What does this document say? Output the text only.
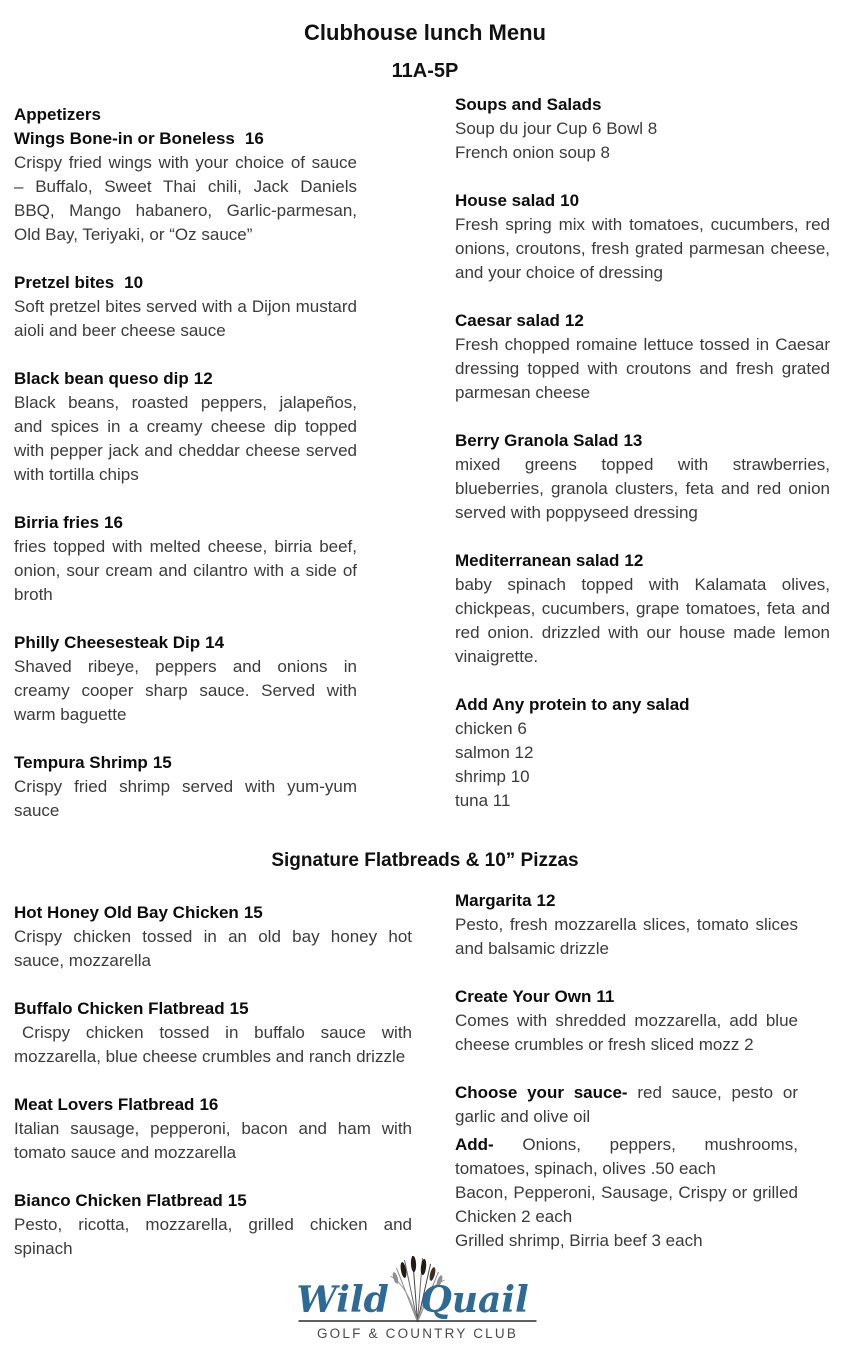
Clubhouse lunch Menu
11A-5P
Appetizers
Wings Bone-in or Boneless 16

Crispy fried wings with your choice of sauce – Buffalo, Sweet Thai chili, Jack Daniels BBQ, Mango habanero, Garlic-parmesan, Old Bay, Teriyaki, or “Oz sauce”

Pretzel bites 10

Soft pretzel bites served with a Dijon mustard aioli and beer cheese sauce

Black bean queso dip 12

Black beans, roasted peppers, jalapeños, and spices in a creamy cheese dip topped with pepper jack and cheddar cheese served with tortilla chips

Birria fries 16

fries topped with melted cheese, birria beef, onion, sour cream and cilantro with a side of broth

Philly Cheesesteak Dip 14

Shaved ribeye, peppers and onions in creamy cooper sharp sauce. Served with warm baguette

Tempura Shrimp 15

Crispy fried shrimp served with yum-yum sauce

Soups and Salads

Soup du jour Cup 6 Bowl 8

French onion soup 8

House salad 10

Fresh spring mix with tomatoes, cucumbers, red onions, croutons, fresh grated parmesan cheese, and your choice of dressing

Caesar salad 12

Fresh chopped romaine lettuce tossed in Caesar dressing topped with croutons and fresh grated parmesan cheese

Berry Granola Salad 13

mixed greens topped with strawberries, blueberries, granola clusters, feta and red onion served with poppyseed dressing

Mediterranean salad 12

baby spinach topped with Kalamata olives, chickpeas, cucumbers, grape tomatoes, feta and red onion. drizzled with our house made lemon vinaigrette.

Add Any protein to any salad

chicken 6

salmon 12

shrimp 10

tuna 11

Signature Flatbreads & 10” Pizzas
Hot Honey Old Bay Chicken 15

Crispy chicken tossed in an old bay honey hot sauce, mozzarella

Buffalo Chicken Flatbread 15

Crispy chicken tossed in buffalo sauce with mozzarella, blue cheese crumbles and ranch drizzle

Meat Lovers Flatbread 16

Italian sausage, pepperoni, bacon and ham with tomato sauce and mozzarella

Bianco Chicken Flatbread 15

Pesto, ricotta, mozzarella, grilled chicken and spinach

Margarita 12

Pesto, fresh mozzarella slices, tomato slices and balsamic drizzle

Create Your Own 11

Comes with shredded mozzarella, add blue cheese crumbles or fresh sliced mozz 2

Choose your sauce- red sauce, pesto or garlic and olive oil

Add- Onions, peppers, mushrooms, tomatoes, spinach, olives .50 each

Bacon, Pepperoni, Sausage, Crispy or grilled Chicken 2 each

Grilled shrimp, Birria beef 3 each

Wild Quail
GOLF & COUNTRY CLUB
